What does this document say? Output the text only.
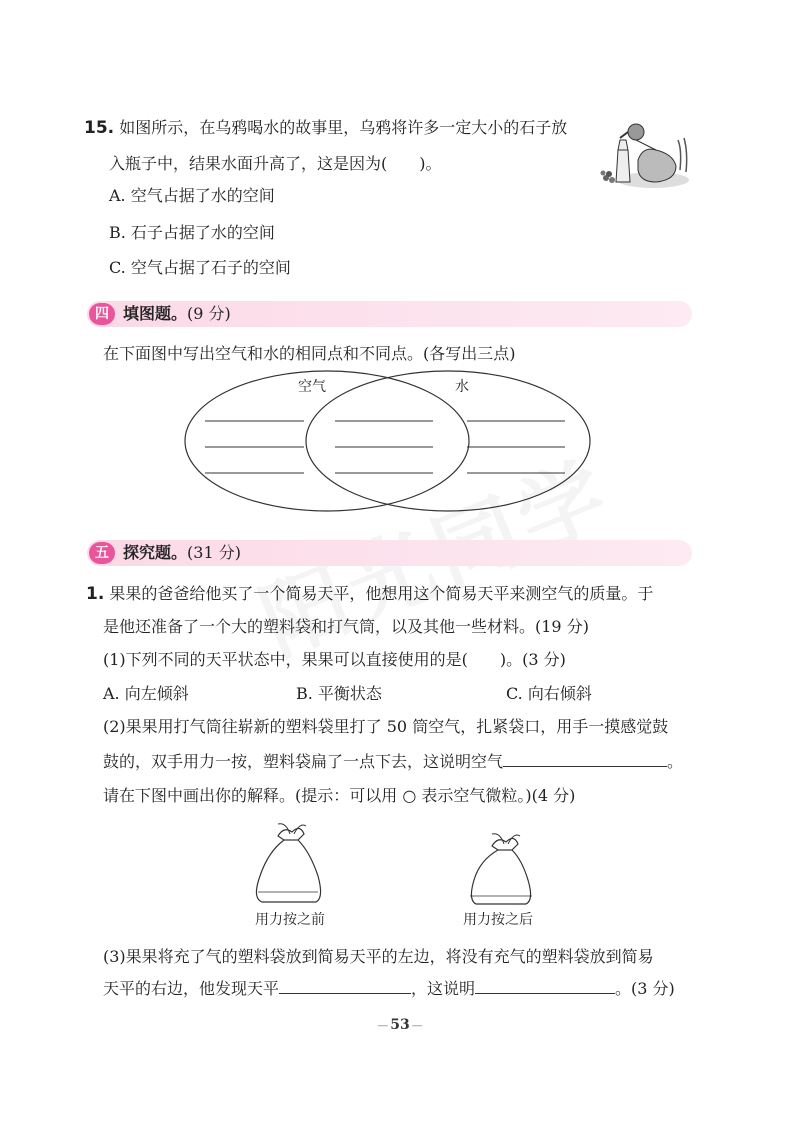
15. 如图所示，在乌鸦喝水的故事里，乌鸦将许多一定大小的石子放
入瓶子中，结果水面升高了，这是因为(　　)。
A. 空气占据了水的空间
B. 石子占据了水的空间
C. 空气占据了石子的空间
四 填图题。(9 分)
在下面图中写出空气和水的相同点和不同点。(各写出三点)
空气	水
五 探究题。(31 分)
1. 果果的爸爸给他买了一个简易天平，他想用这个简易天平来测空气的质量。于
是他还准备了一个大的塑料袋和打气筒，以及其他一些材料。(19 分)
(1)下列不同的天平状态中，果果可以直接使用的是(　　)。(3 分)
A. 向左倾斜	B. 平衡状态	C. 向右倾斜
(2)果果用打气筒往崭新的塑料袋里打了 50 筒空气，扎紧袋口，用手一摸感觉鼓
鼓的，双手用力一按，塑料袋扁了一点下去，这说明空气	。
请在下图中画出你的解释。(提示：可以用 ○ 表示空气微粒。)(4 分)
用力按之前	用力按之后
(3)果果将充了气的塑料袋放到简易天平的左边，将没有充气的塑料袋放到简易
天平的右边，他发现天平	，这说明	。(3 分)
— 53 —
